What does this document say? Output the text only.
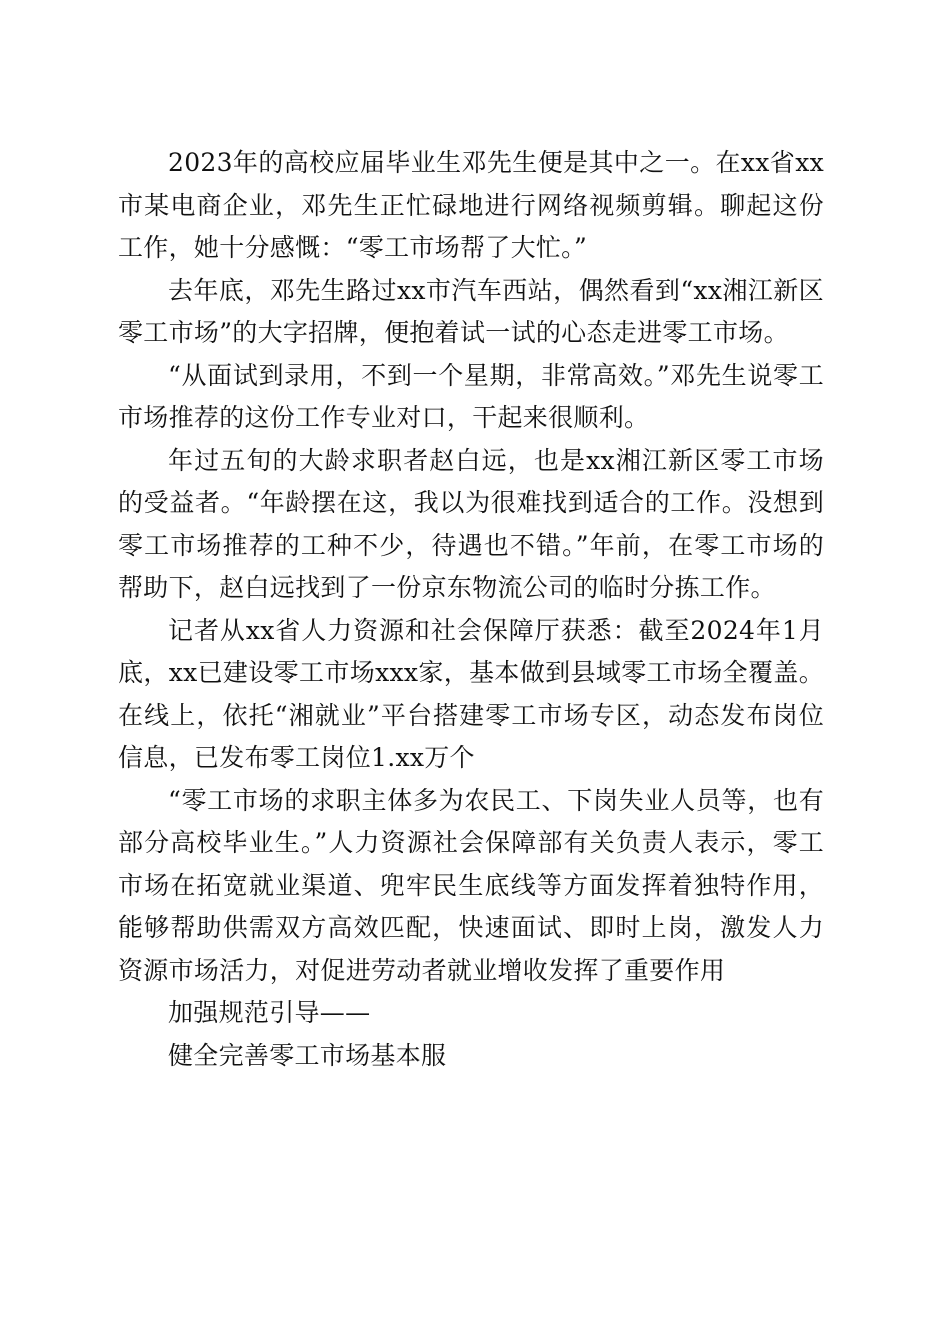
2023年的高校应届毕业生邓先生便是其中之一。在xx省xx市某电商企业，邓先生正忙碌地进行网络视频剪辑。聊起这份工作，她十分感慨：“零工市场帮了大忙。”

去年底，邓先生路过xx市汽车西站，偶然看到“xx湘江新区零工市场”的大字招牌，便抱着试一试的心态走进零工市场。

“从面试到录用，不到一个星期，非常高效。”邓先生说零工市场推荐的这份工作专业对口，干起来很顺利。

年过五旬的大龄求职者赵白远，也是xx湘江新区零工市场的受益者。“年龄摆在这，我以为很难找到适合的工作。没想到零工市场推荐的工种不少，待遇也不错。”年前，在零工市场的帮助下，赵白远找到了一份京东物流公司的临时分拣工作。

记者从xx省人力资源和社会保障厅获悉：截至2024年1月底，xx已建设零工市场xxx家，基本做到县域零工市场全覆盖。在线上，依托“湘就业”平台搭建零工市场专区，动态发布岗位信息，已发布零工岗位1.xx万个

“零工市场的求职主体多为农民工、下岗失业人员等，也有部分高校毕业生。”人力资源社会保障部有关负责人表示，零工市场在拓宽就业渠道、兜牢民生底线等方面发挥着独特作用，能够帮助供需双方高效匹配，快速面试、即时上岗，激发人力资源市场活力，对促进劳动者就业增收发挥了重要作用

加强规范引导——

健全完善零工市场基本服
